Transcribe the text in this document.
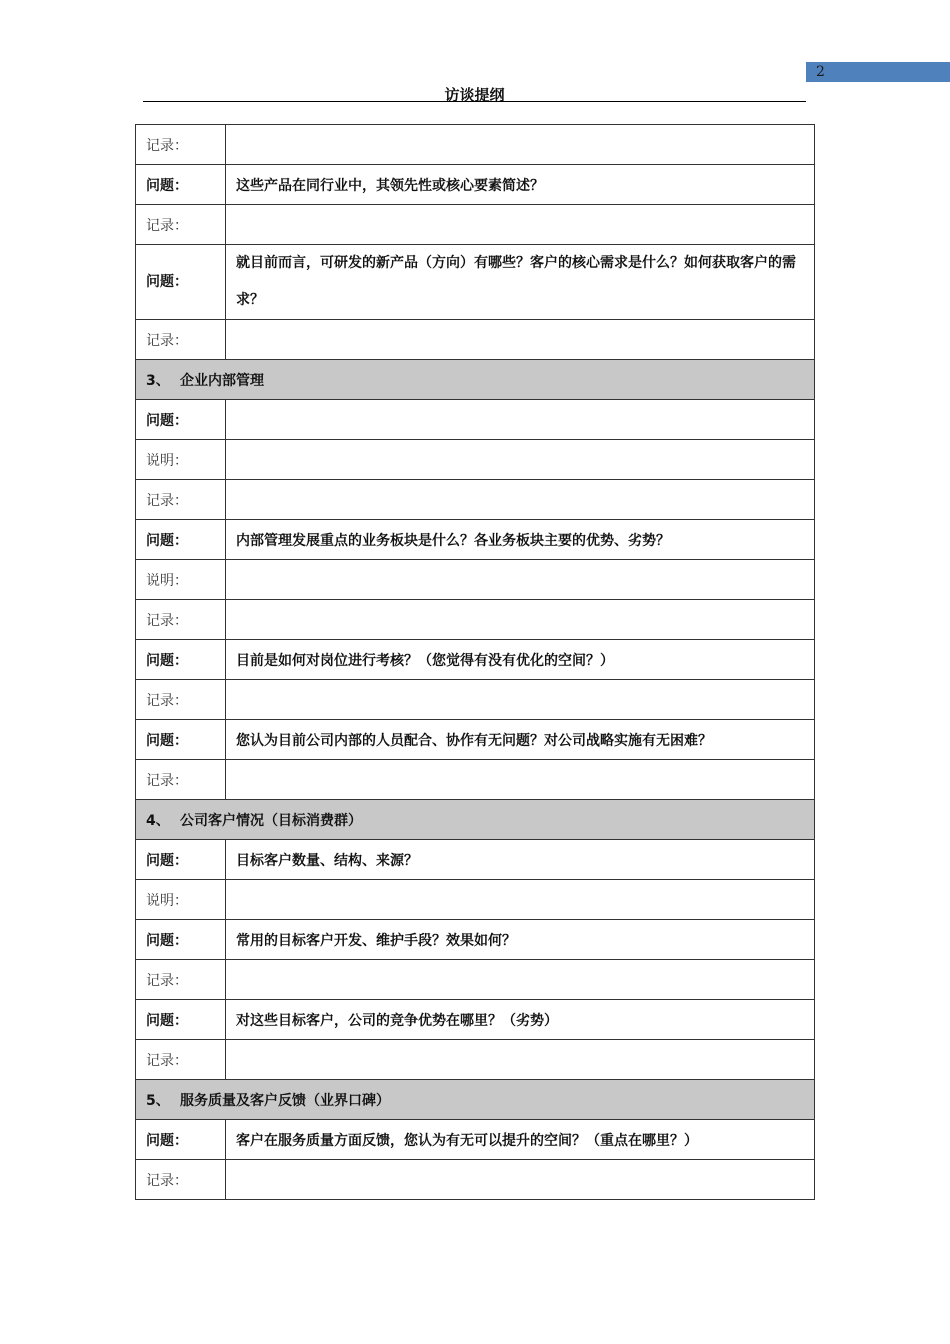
2
访谈提纲
记录：	
问题：	这些产品在同行业中，其领先性或核心要素简述？
记录：	
问题：	就目前而言，可研发的新产品（方向）有哪些？客户的核心需求是什么？如何获取客户的需求？
记录：	
3、 企业内部管理	
问题：	
说明：	
记录：	
问题：	内部管理发展重点的业务板块是什么？各业务板块主要的优势、劣势？
说明：	
记录：	
问题：	目前是如何对岗位进行考核？（您觉得有没有优化的空间？）
记录：	
问题：	您认为目前公司内部的人员配合、协作有无问题？对公司战略实施有无困难？
记录：	
4、 公司客户情况（目标消费群）	
问题：	目标客户数量、结构、来源？
说明：	
问题：	常用的目标客户开发、维护手段？效果如何？
记录：	
问题：	对这些目标客户，公司的竞争优势在哪里？（劣势）
记录：	
5、 服务质量及客户反馈（业界口碑）	
问题：	客户在服务质量方面反馈，您认为有无可以提升的空间？（重点在哪里？）
记录：	
